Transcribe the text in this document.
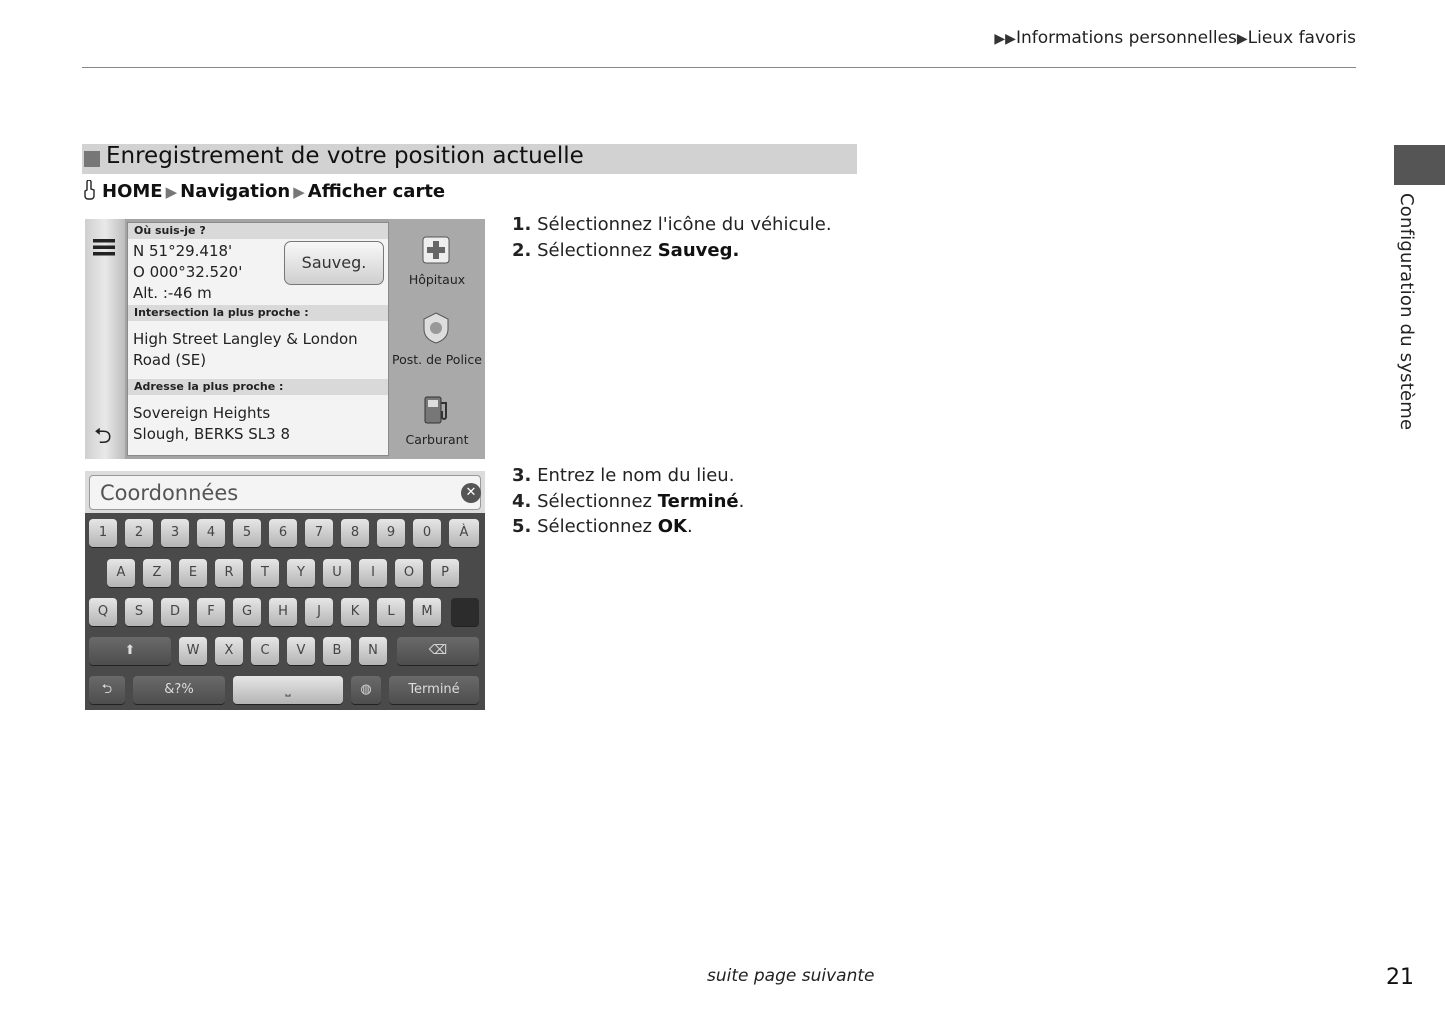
▶▶Informations personnelles▶Lieux favoris
Configuration du système
Enregistrement de votre position actuelle
HOME ▶ Navigation ▶ Afficher carte
⮌
Où suis-je ?
N 51°29.418'
O 000°32.520'
Alt. :-46 m
Intersection la plus proche :
High Street Langley & London
Road (SE)
Adresse la plus proche :
Sovereign Heights
Slough, BERKS SL3 8
Sauveg.
Hôpitaux
Post. de Police
Carburant
Coordonnées	✕
1	2	3	4	5	6	7	8	9	0	À
A	Z	E	R	T	Y	U	I	O	P
Q	S	D	F	G	H	J	K	L	M
⬆	W	X	C	V	B	N	⌫
⮌	&?%	⎵	◍	Terminé
1. Sélectionnez l'icône du véhicule.
2. Sélectionnez Sauveg.
3. Entrez le nom du lieu.
4. Sélectionnez Terminé.
5. Sélectionnez OK.
suite page suivante	21
